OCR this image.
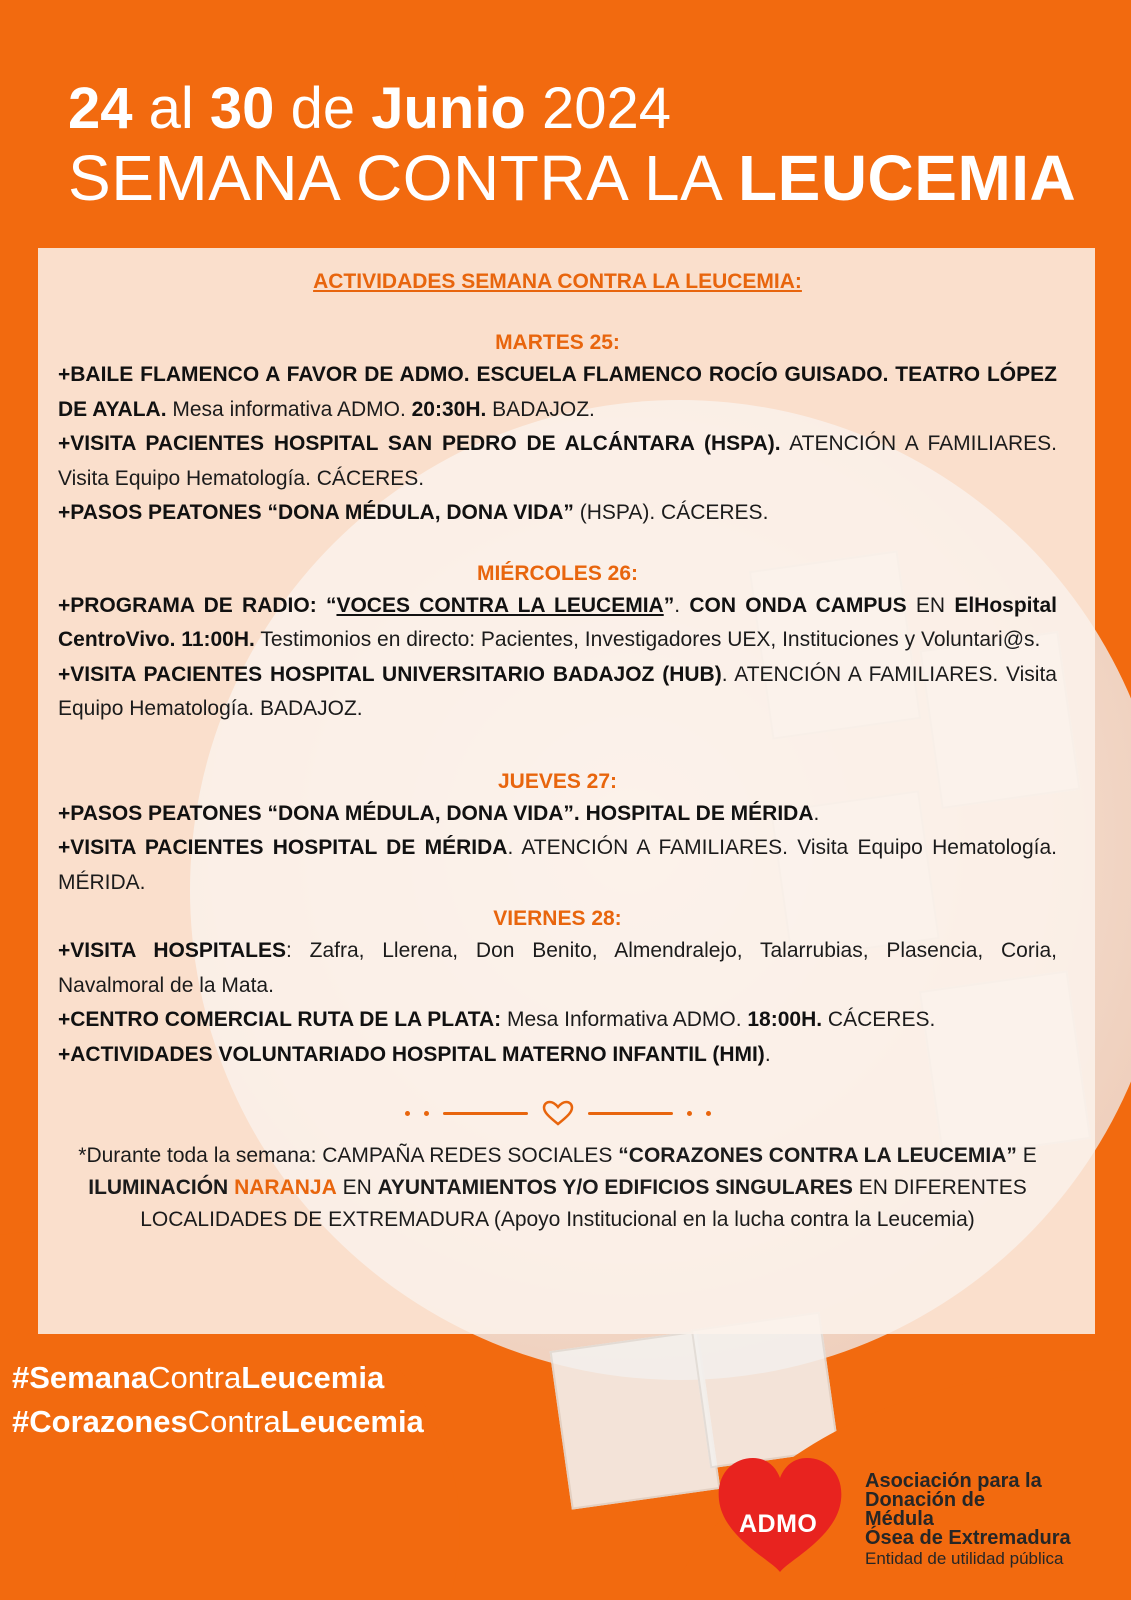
24 al 30 de Junio 2024
SEMANA CONTRA LA LEUCEMIA
ACTIVIDADES SEMANA CONTRA LA LEUCEMIA:
MARTES 25:

+BAILE FLAMENCO A FAVOR DE ADMO. ESCUELA FLAMENCO ROCÍO GUISADO. TEATRO LÓPEZ DE AYALA. Mesa informativa ADMO. 20:30H. BADAJOZ.

+VISITA PACIENTES HOSPITAL SAN PEDRO DE ALCÁNTARA (HSPA). ATENCIÓN A FAMILIARES. Visita Equipo Hematología. CÁCERES.

+PASOS PEATONES “DONA MÉDULA, DONA VIDA” (HSPA). CÁCERES.

MIÉRCOLES 26:

+PROGRAMA DE RADIO: “VOCES CONTRA LA LEUCEMIA”. CON ONDA CAMPUS EN ElHospital CentroVivo. 11:00H. Testimonios en directo: Pacientes, Investigadores UEX, Instituciones y Voluntari@s.

+VISITA PACIENTES HOSPITAL UNIVERSITARIO BADAJOZ (HUB). ATENCIÓN A FAMILIARES. Visita Equipo Hematología. BADAJOZ.

JUEVES 27:

+PASOS PEATONES “DONA MÉDULA, DONA VIDA”. HOSPITAL DE MÉRIDA.

+VISITA PACIENTES HOSPITAL DE MÉRIDA. ATENCIÓN A FAMILIARES. Visita Equipo Hematología. MÉRIDA.

VIERNES 28:

+VISITA HOSPITALES: Zafra, Llerena, Don Benito, Almendralejo, Talarrubias, Plasencia, Coria, Navalmoral de la Mata.

+CENTRO COMERCIAL RUTA DE LA PLATA: Mesa Informativa ADMO. 18:00H. CÁCERES.

+ACTIVIDADES VOLUNTARIADO HOSPITAL MATERNO INFANTIL (HMI).

*Durante toda la semana: CAMPAÑA REDES SOCIALES “CORAZONES CONTRA LA LEUCEMIA” E ILUMINACIÓN NARANJA EN AYUNTAMIENTOS Y/O EDIFICIOS SINGULARES EN DIFERENTES LOCALIDADES DE EXTREMADURA (Apoyo Institucional en la lucha contra la Leucemia)

#SemanaContraLeucemia
#CorazonesContraLeucemia
ADMO
Asociación para la
Donación de
Médula
Ósea de Extremadura
Entidad de utilidad pública
